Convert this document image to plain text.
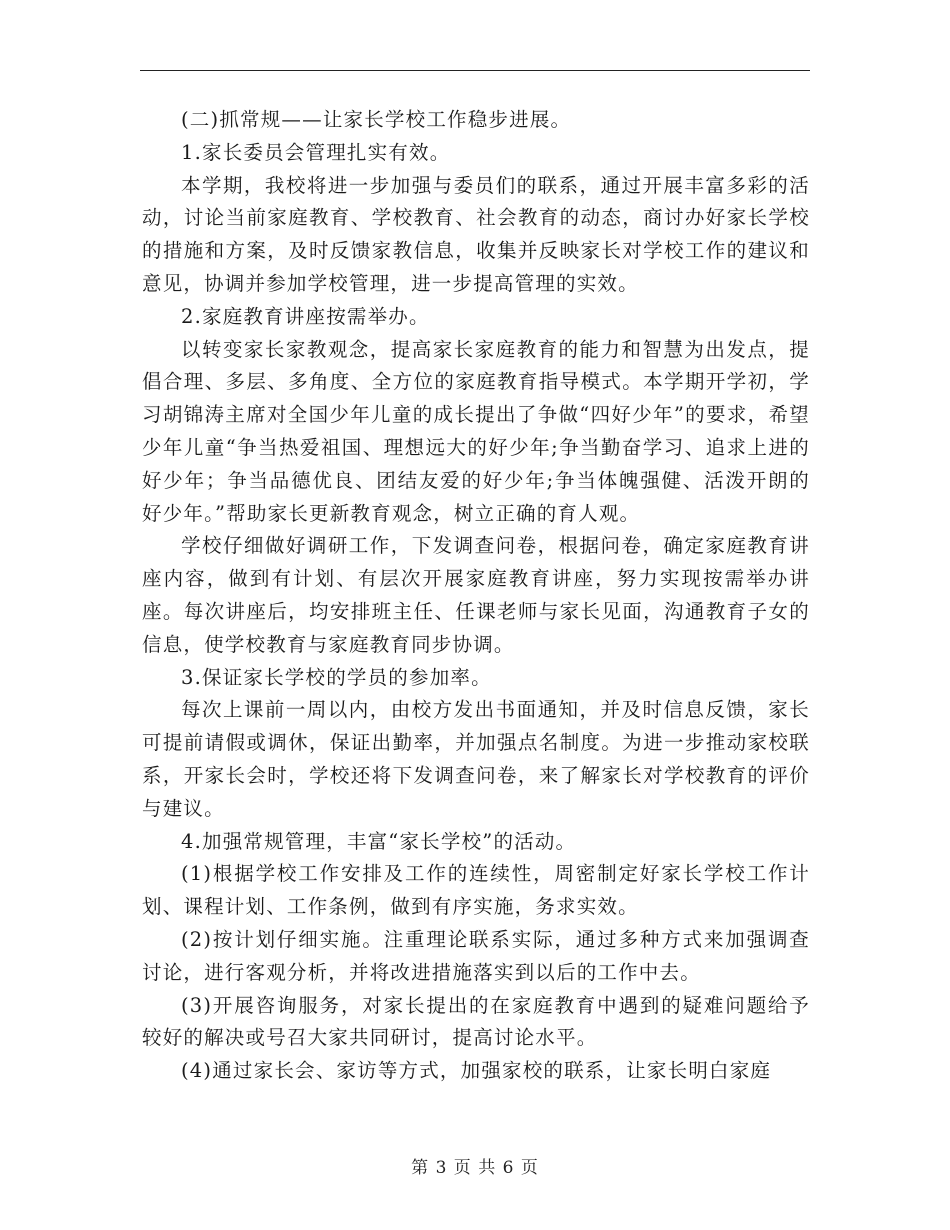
(二)抓常规——让家长学校工作稳步进展。

1.家长委员会管理扎实有效。

本学期，我校将进一步加强与委员们的联系，通过开展丰富多彩的活动，讨论当前家庭教育、学校教育、社会教育的动态，商讨办好家长学校的措施和方案，及时反馈家教信息，收集并反映家长对学校工作的建议和意见，协调并参加学校管理，进一步提高管理的实效。

2.家庭教育讲座按需举办。

以转变家长家教观念，提高家长家庭教育的能力和智慧为出发点，提倡合理、多层、多角度、全方位的家庭教育指导模式。本学期开学初，学习胡锦涛主席对全国少年儿童的成长提出了争做“四好少年”的要求，希望少年儿童“争当热爱祖国、理想远大的好少年;争当勤奋学习、追求上进的好少年；争当品德优良、团结友爱的好少年;争当体魄强健、活泼开朗的好少年。”帮助家长更新教育观念，树立正确的育人观。

学校仔细做好调研工作，下发调查问卷，根据问卷，确定家庭教育讲座内容，做到有计划、有层次开展家庭教育讲座，努力实现按需举办讲座。每次讲座后，均安排班主任、任课老师与家长见面，沟通教育子女的信息，使学校教育与家庭教育同步协调。

3.保证家长学校的学员的参加率。

每次上课前一周以内，由校方发出书面通知，并及时信息反馈，家长可提前请假或调休，保证出勤率，并加强点名制度。为进一步推动家校联系，开家长会时，学校还将下发调查问卷，来了解家长对学校教育的评价与建议。

4.加强常规管理，丰富“家长学校”的活动。

(1)根据学校工作安排及工作的连续性，周密制定好家长学校工作计划、课程计划、工作条例，做到有序实施，务求实效。

(2)按计划仔细实施。注重理论联系实际，通过多种方式来加强调查讨论，进行客观分析，并将改进措施落实到以后的工作中去。

(3)开展咨询服务，对家长提出的在家庭教育中遇到的疑难问题给予较好的解决或号召大家共同研讨，提高讨论水平。

(4)通过家长会、家访等方式，加强家校的联系，让家长明白家庭

第 3 页 共 6 页
